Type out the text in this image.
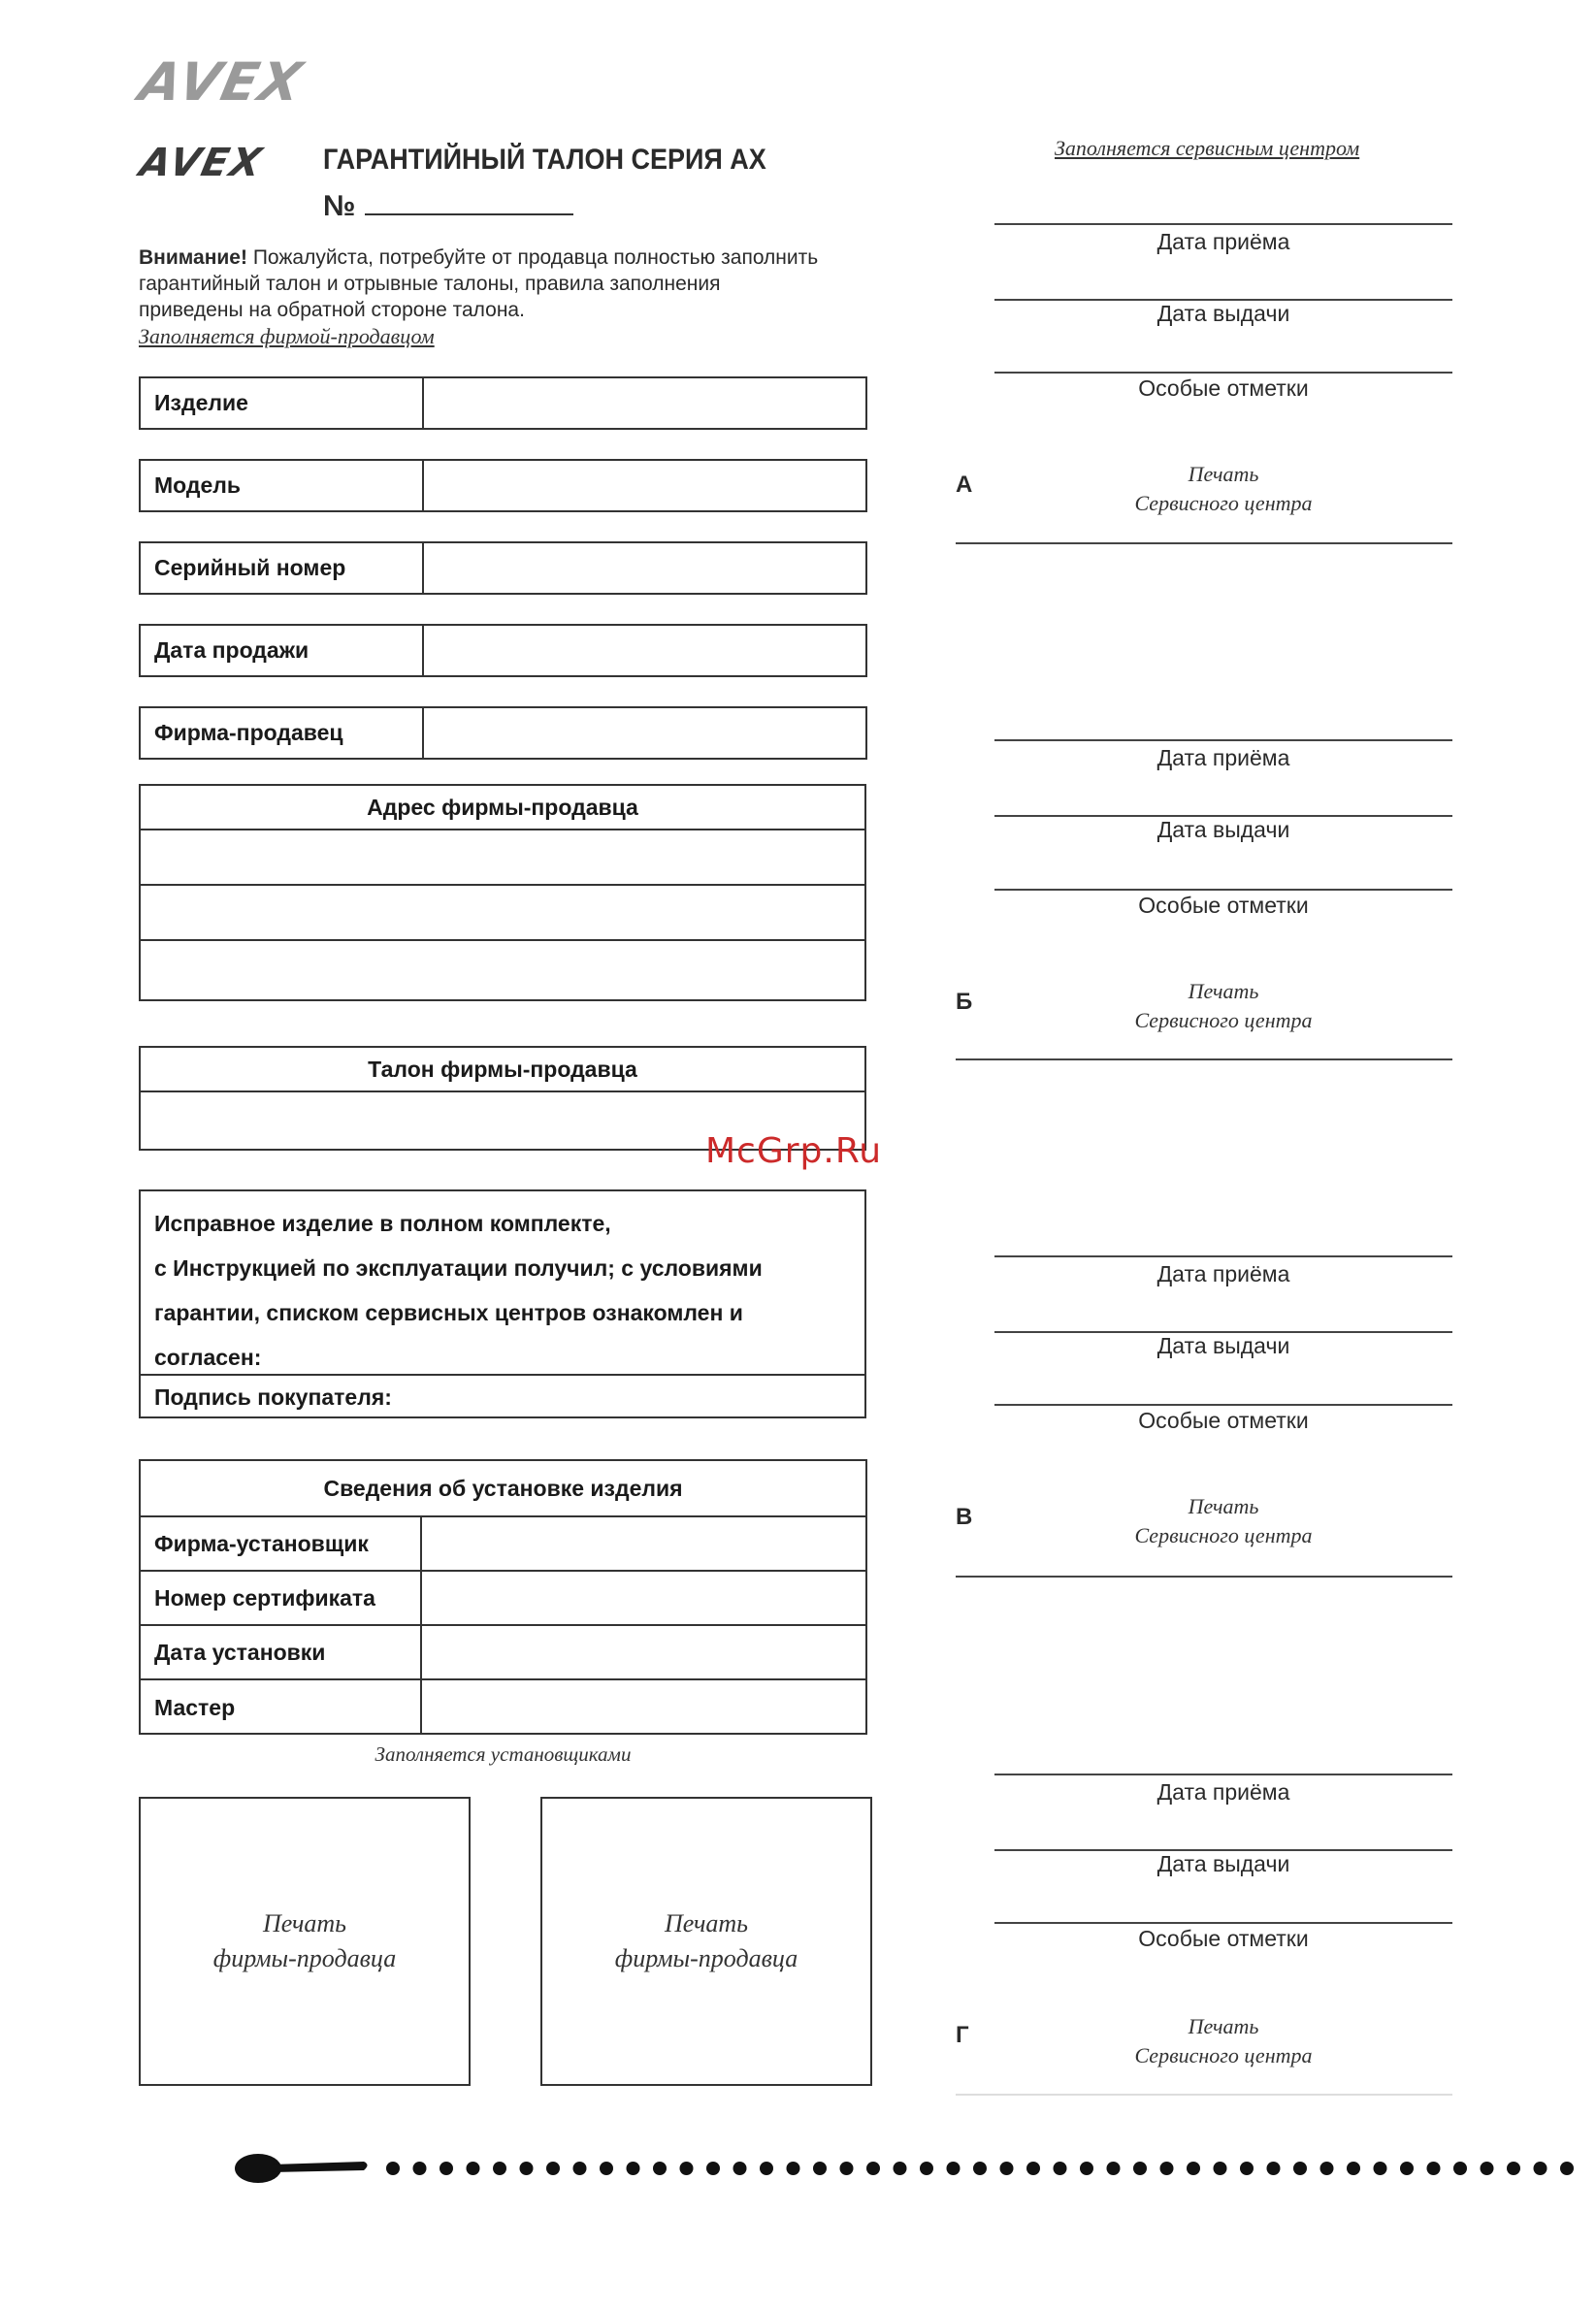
AVEX
AVEX ГАРАНТИЙНЫЙ ТАЛОН СЕРИЯ АХ
№
Внимание! Пожалуйста, потребуйте от продавца полностью заполнить
гарантийный талон и отрывные талоны, правила заполнения
приведены на обратной стороне талона.
Заполняется фирмой-продавцом
Изделие
Модель
Серийный номер
Дата продажи
Фирма-продавец
Адрес фирмы-продавца
Талон фирмы-продавца
Исправное изделие в полном комплекте,
с Инструкцией по эксплуатации получил; с условиями
гарантии, списком сервисных центров ознакомлен и
согласен:
Подпись покупателя:
Сведения об установке изделия
Фирма-установщик
Номер сертификата
Дата установки
Мастер
Заполняется установщиками
Печать
фирмы-продавца
Печать
фирмы-продавца
Заполняется сервисным центром
Дата приёма
Дата выдачи
Особые отметки
А	Печать
Сервисного центра
Дата приёма
Дата выдачи
Особые отметки
Б	Печать
Сервисного центра
Дата приёма
Дата выдачи
Особые отметки
В	Печать
Сервисного центра
Дата приёма
Дата выдачи
Особые отметки
Г	Печать
Сервисного центра
McGrp.Ru
